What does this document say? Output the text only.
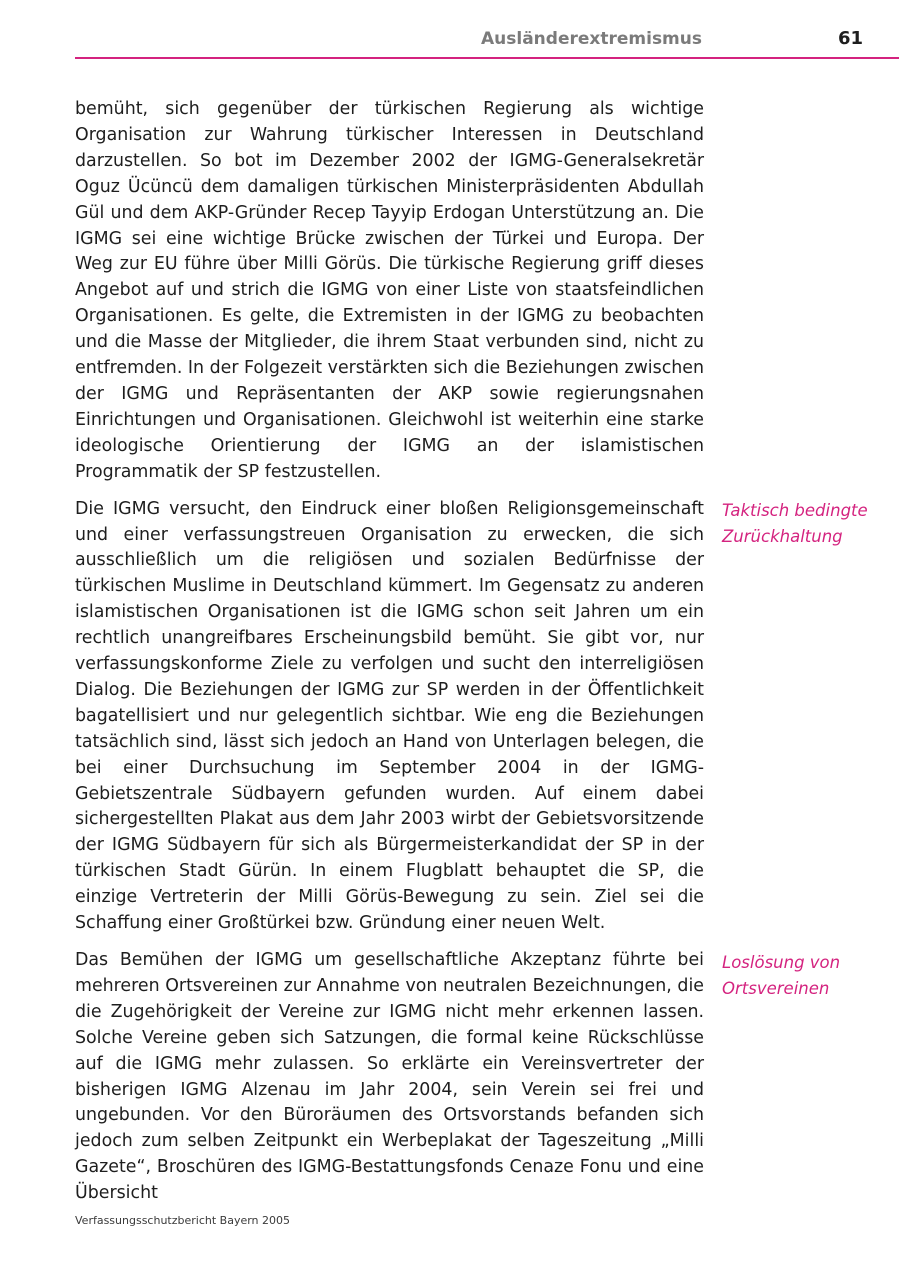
Ausländerextremismus	61

bemüht, sich gegenüber der türkischen Regierung als wichtige Organisation zur Wahrung türkischer Interessen in Deutschland darzustellen. So bot im Dezember 2002 der IGMG-Generalsekretär Oguz Ücüncü dem damaligen türkischen Ministerpräsidenten Abdullah Gül und dem AKP-Gründer Recep Tayyip Erdogan Unterstützung an. Die IGMG sei eine wichtige Brücke zwischen der Türkei und Europa. Der Weg zur EU führe über Milli Görüs. Die türkische Regierung griff dieses Angebot auf und strich die IGMG von einer Liste von staatsfeindlichen Organisationen. Es gelte, die Extremisten in der IGMG zu beobachten und die Masse der Mitglieder, die ihrem Staat verbunden sind, nicht zu entfremden. In der Folgezeit verstärkten sich die Beziehungen zwischen der IGMG und Repräsentanten der AKP sowie regierungsnahen Einrichtungen und Organisationen. Gleichwohl ist weiterhin eine starke ideologische Orientierung der IGMG an der islamistischen Programmatik der SP festzustellen.

Die IGMG versucht, den Eindruck einer bloßen Religionsgemeinschaft und einer verfassungstreuen Organisation zu erwecken, die sich ausschließlich um die religiösen und sozialen Bedürfnisse der türkischen Muslime in Deutschland kümmert. Im Gegensatz zu anderen islamistischen Organisationen ist die IGMG schon seit Jahren um ein rechtlich unangreifbares Erscheinungsbild bemüht. Sie gibt vor, nur verfassungskonforme Ziele zu verfolgen und sucht den interreligiösen Dialog. Die Beziehungen der IGMG zur SP werden in der Öffentlichkeit bagatellisiert und nur gelegentlich sichtbar. Wie eng die Beziehungen tatsächlich sind, lässt sich jedoch an Hand von Unterlagen belegen, die bei einer Durchsuchung im September 2004 in der IGMG-Gebietszentrale Südbayern gefunden wurden. Auf einem dabei sichergestellten Plakat aus dem Jahr 2003 wirbt der Gebietsvorsitzende der IGMG Südbayern für sich als Bürgermeisterkandidat der SP in der türkischen Stadt Gürün. In einem Flugblatt behauptet die SP, die einzige Vertreterin der Milli Görüs-Bewegung zu sein. Ziel sei die Schaffung einer Großtürkei bzw. Gründung einer neuen Welt.

Das Bemühen der IGMG um gesellschaftliche Akzeptanz führte bei mehreren Ortsvereinen zur Annahme von neutralen Bezeichnungen, die die Zugehörigkeit der Vereine zur IGMG nicht mehr erkennen lassen. Solche Vereine geben sich Satzungen, die formal keine Rückschlüsse auf die IGMG mehr zulassen. So erklärte ein Vereinsvertreter der bisherigen IGMG Alzenau im Jahr 2004, sein Verein sei frei und ungebunden. Vor den Büroräumen des Ortsvorstands befanden sich jedoch zum selben Zeitpunkt ein Werbeplakat der Tageszeitung „Milli Gazete“, Broschüren des IGMG-Bestattungsfonds Cenaze Fonu und eine Übersicht

Taktisch bedingte
Zurückhaltung
Loslösung von
Ortsvereinen
Verfassungsschutzbericht Bayern 2005
